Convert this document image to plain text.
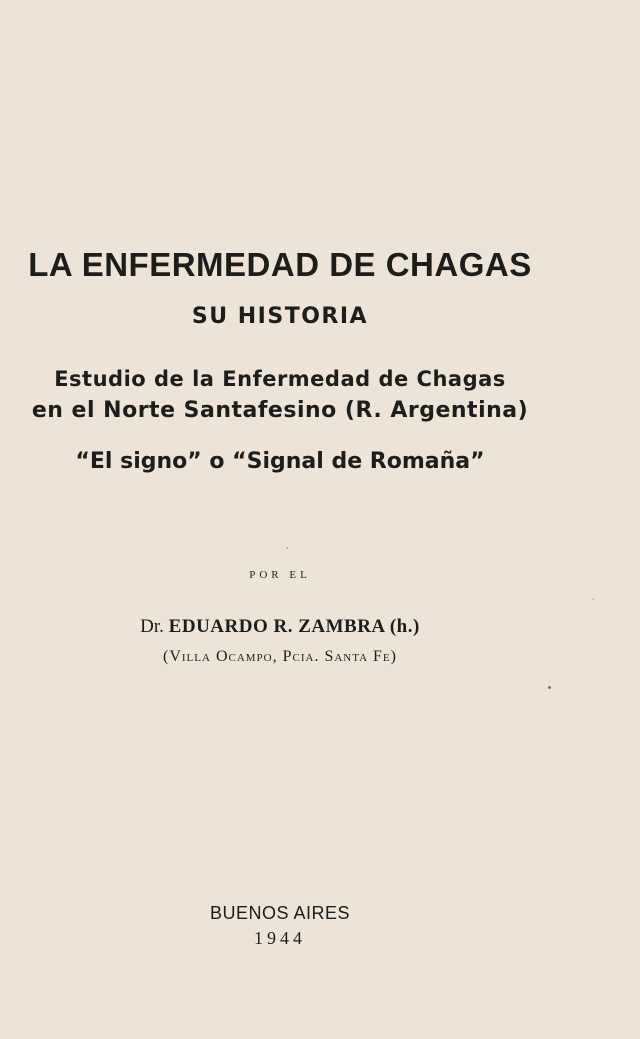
LA ENFERMEDAD DE CHAGAS
SU HISTORIA
Estudio de la Enfermedad de Chagas
en el Norte Santafesino (R. Argentina)
“El signo” o “Signal de Romaña”
POR EL
Dr. EDUARDO R. ZAMBRA (h.)
(Villa Ocampo, Pcia. Santa Fe)
BUENOS AIRES
1944
